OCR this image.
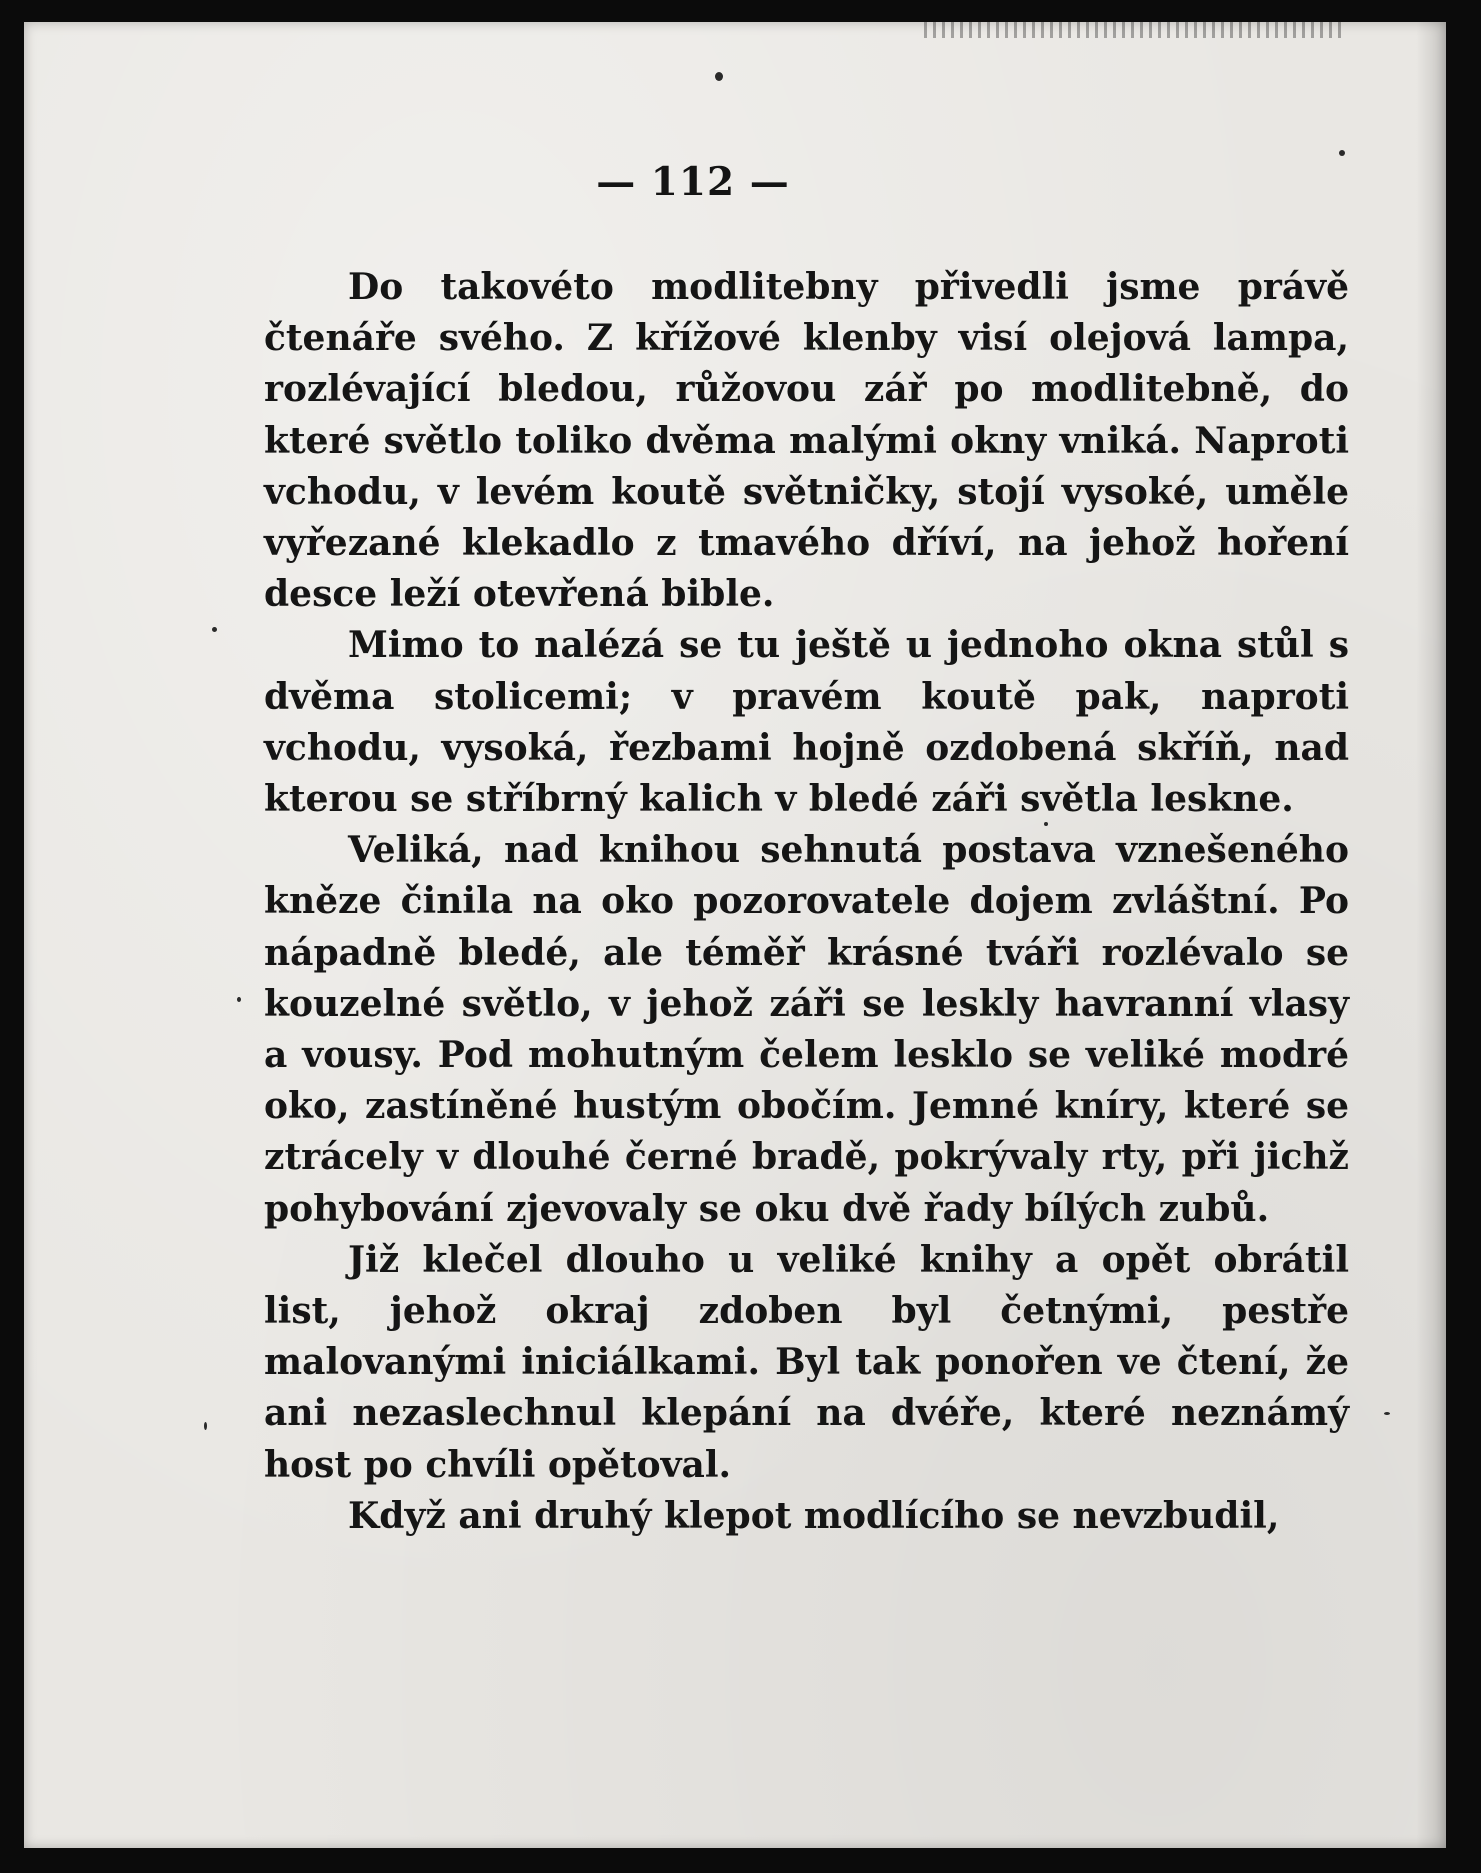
— 112 —

Do takovéto modlitebny přivedli jsme právě čtenáře svého. Z křížové klenby visí olejová lampa, rozlévající bledou, růžovou zář po modlitebně, do které světlo toliko dvěma malými okny vniká. Naproti vchodu, v levém koutě světničky, stojí vysoké, uměle vyřezané klekadlo z tmavého dříví, na jehož hoření desce leží otevřená bible.

Mimo to nalézá se tu ještě u jednoho okna stůl s dvěma stolicemi; v pravém koutě pak, naproti vchodu, vysoká, řezbami hojně ozdobená skříň, nad kterou se stříbrný kalich v bledé záři světla leskne.

Veliká, nad knihou sehnutá postava vznešeného kněze činila na oko pozorovatele dojem zvláštní. Po nápadně bledé, ale téměř krásné tváři rozlévalo se kouzelné světlo, v jehož záři se leskly havranní vlasy a vousy. Pod mohutným čelem lesklo se veliké modré oko, zastíněné hustým obočím. Jemné kníry, které se ztrácely v dlouhé černé bradě, pokrývaly rty, při jichž pohybování zjevovaly se oku dvě řady bílých zubů.

Již klečel dlouho u veliké knihy a opět obrátil list, jehož okraj zdoben byl četnými, pestře malovanými iniciálkami. Byl tak ponořen ve čtení, že ani nezaslechnul klepání na dvéře, které neznámý host po chvíli opětoval.

Když ani druhý klepot modlícího se nevzbudil,
